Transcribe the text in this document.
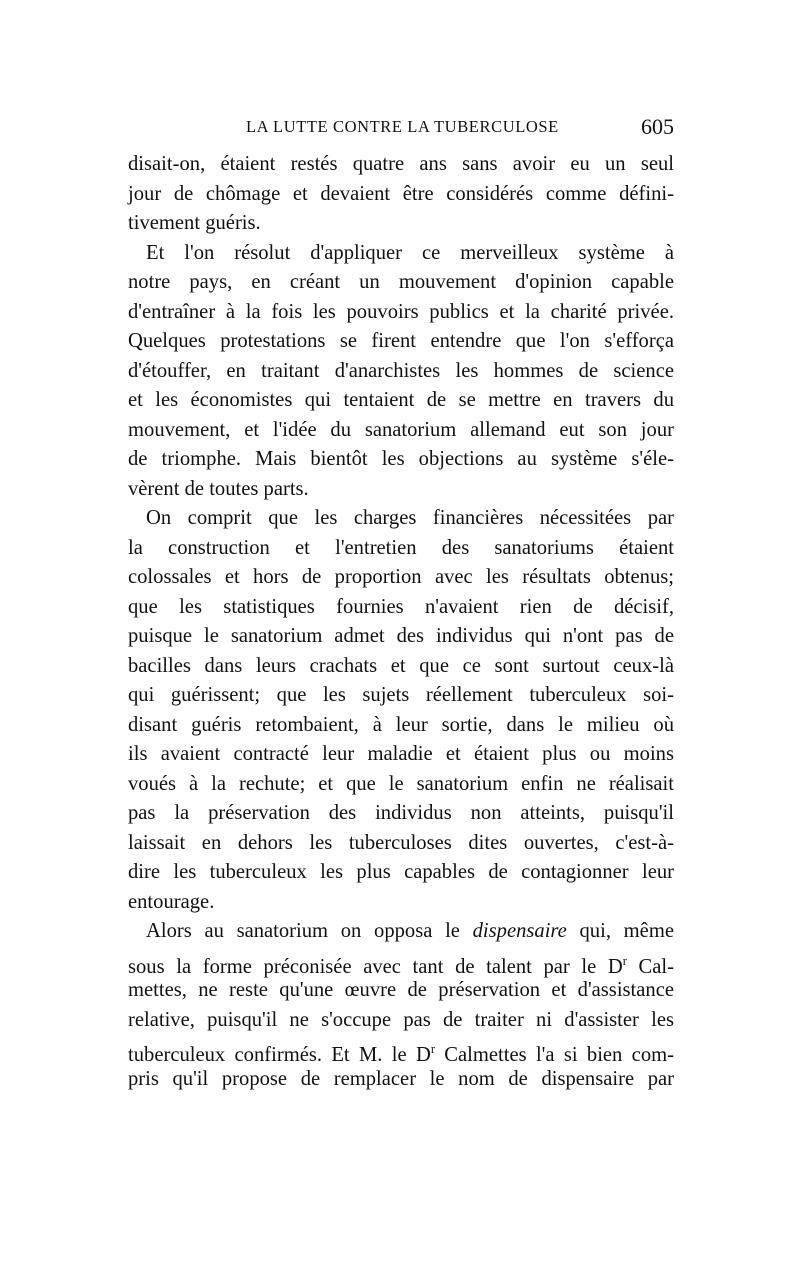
LA LUTTE CONTRE LA TUBERCULOSE	605
disait-on, étaient restés quatre ans sans avoir eu un seul
jour de chômage et devaient être considérés comme défini-
tivement guéris.
Et l'on résolut d'appliquer ce merveilleux système à
notre pays, en créant un mouvement d'opinion capable
d'entraîner à la fois les pouvoirs publics et la charité privée.
Quelques protestations se firent entendre que l'on s'efforça
d'étouffer, en traitant d'anarchistes les hommes de science
et les économistes qui tentaient de se mettre en travers du
mouvement, et l'idée du sanatorium allemand eut son jour
de triomphe. Mais bientôt les objections au système s'éle-
vèrent de toutes parts.
On comprit que les charges financières nécessitées par
la construction et l'entretien des sanatoriums étaient
colossales et hors de proportion avec les résultats obtenus;
que les statistiques fournies n'avaient rien de décisif,
puisque le sanatorium admet des individus qui n'ont pas de
bacilles dans leurs crachats et que ce sont surtout ceux-là
qui guérissent; que les sujets réellement tuberculeux soi-
disant guéris retombaient, à leur sortie, dans le milieu où
ils avaient contracté leur maladie et étaient plus ou moins
voués à la rechute; et que le sanatorium enfin ne réalisait
pas la préservation des individus non atteints, puisqu'il
laissait en dehors les tuberculoses dites ouvertes, c'est-à-
dire les tuberculeux les plus capables de contagionner leur
entourage.
Alors au sanatorium on opposa le dispensaire qui, même
sous la forme préconisée avec tant de talent par le $D^r$ Cal-
mettes, ne reste qu'une œuvre de préservation et d'assistance
relative, puisqu'il ne s'occupe pas de traiter ni d'assister les
tuberculeux confirmés. Et M. le $D^r$ Calmettes l'a si bien com-
pris qu'il propose de remplacer le nom de dispensaire par
